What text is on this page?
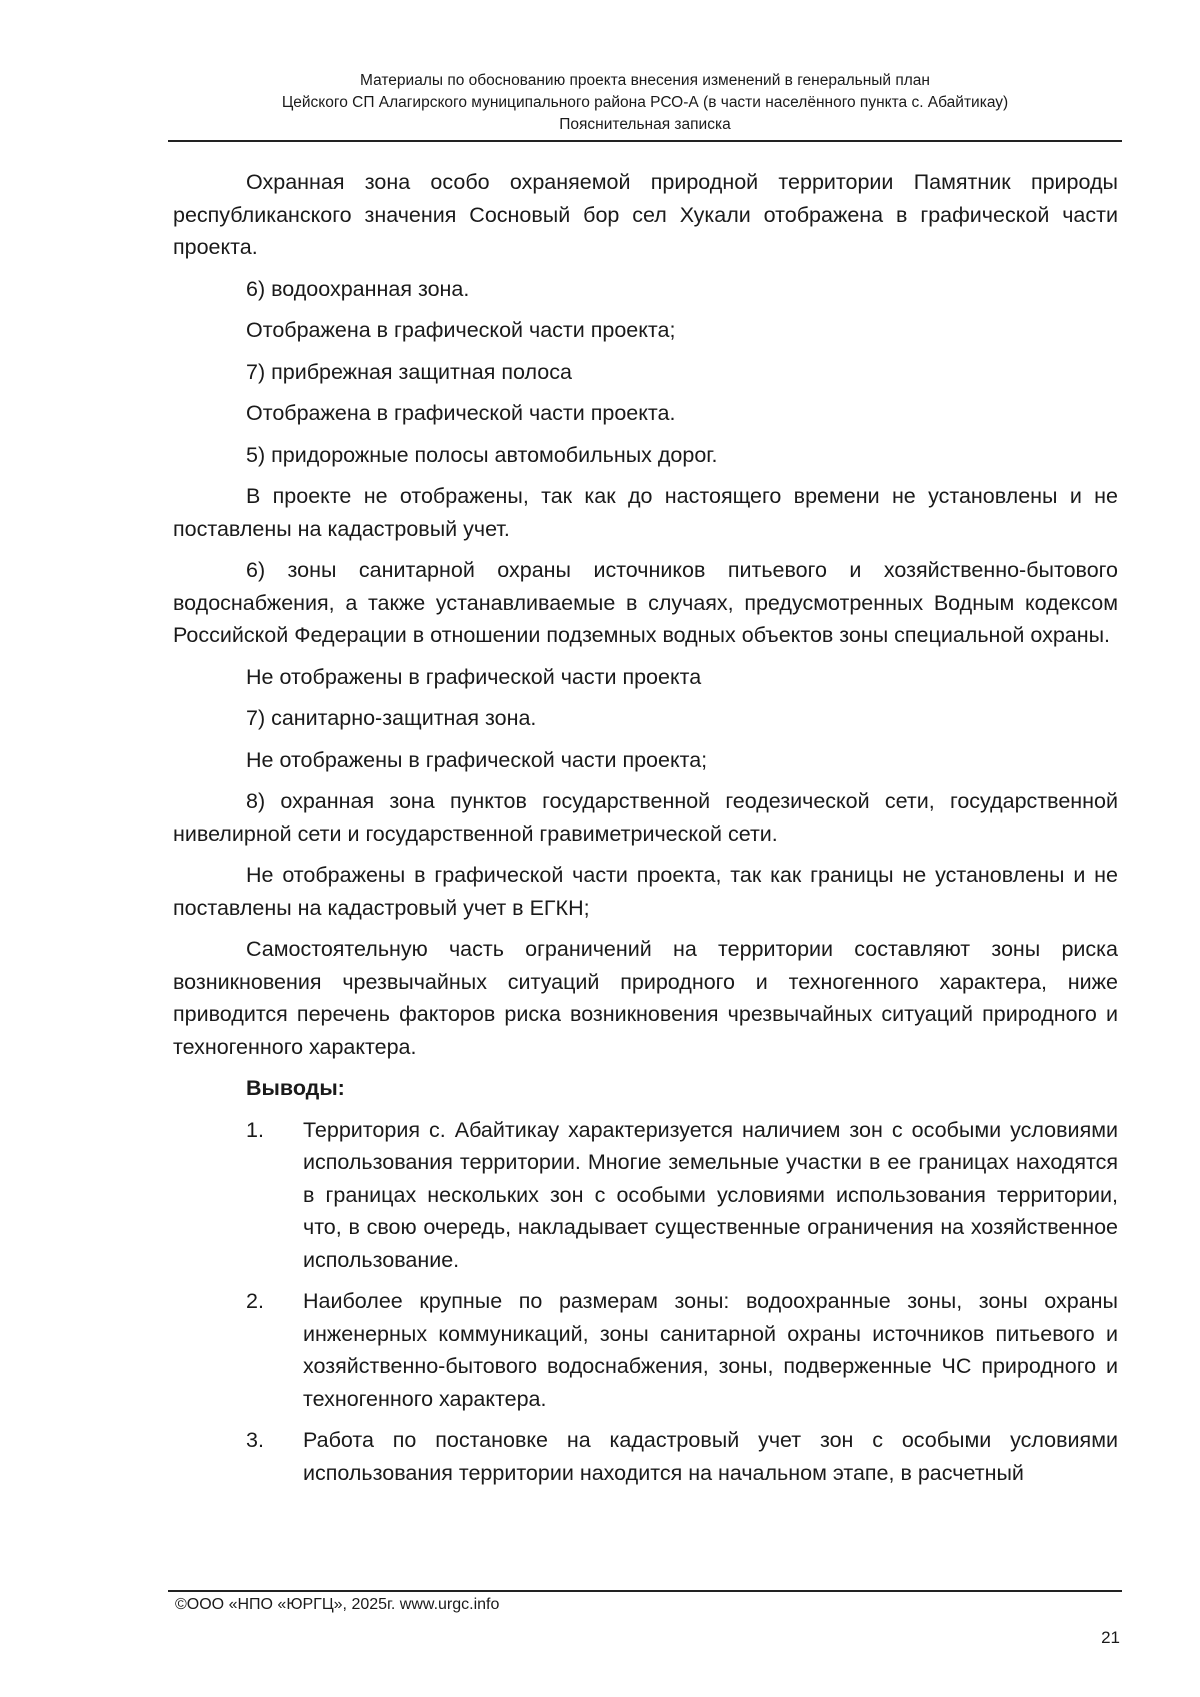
Материалы по обоснованию проекта внесения изменений в генеральный план
Цейского СП Алагирского муниципального района РСО-А (в части населённого пункта с. Абайтикау)
Пояснительная записка

Охранная зона особо охраняемой природной территории Памятник природы республиканского значения Сосновый бор сел Хукали отображена в графической части проекта.

6) водоохранная зона.

Отображена в графической части проекта;

7) прибрежная защитная полоса

Отображена в графической части проекта.

5) придорожные полосы автомобильных дорог.

В проекте не отображены, так как до настоящего времени не установлены и не поставлены на кадастровый учет.

6) зоны санитарной охраны источников питьевого и хозяйственно-бытового водоснабжения, а также устанавливаемые в случаях, предусмотренных Водным кодексом Российской Федерации в отношении подземных водных объектов зоны специальной охраны.

Не отображены в графической части проекта

7) санитарно-защитная зона.

Не отображены в графической части проекта;

8) охранная зона пунктов государственной геодезической сети, государственной нивелирной сети и государственной гравиметрической сети.

Не отображены в графической части проекта, так как границы не установлены и не поставлены на кадастровый учет в ЕГКН;

Самостоятельную часть ограничений на территории составляют зоны риска возникновения чрезвычайных ситуаций природного и техногенного характера, ниже приводится перечень факторов риска возникновения чрезвычайных ситуаций природного и техногенного характера.

Выводы:

1. Территория с. Абайтикау характеризуется наличием зон с особыми условиями использования территории. Многие земельные участки в ее границах находятся в границах нескольких зон с особыми условиями использования территории, что, в свою очередь, накладывает существенные ограничения на хозяйственное использование.
2. Наиболее крупные по размерам зоны: водоохранные зоны, зоны охраны инженерных коммуникаций, зоны санитарной охраны источников питьевого и хозяйственно-бытового водоснабжения, зоны, подверженные ЧС природного и техногенного характера.
3. Работа по постановке на кадастровый учет зон с особыми условиями использования территории находится на начальном этапе, в расчетный
©ООО «НПО «ЮРГЦ», 2025г. www.urgc.info
21
